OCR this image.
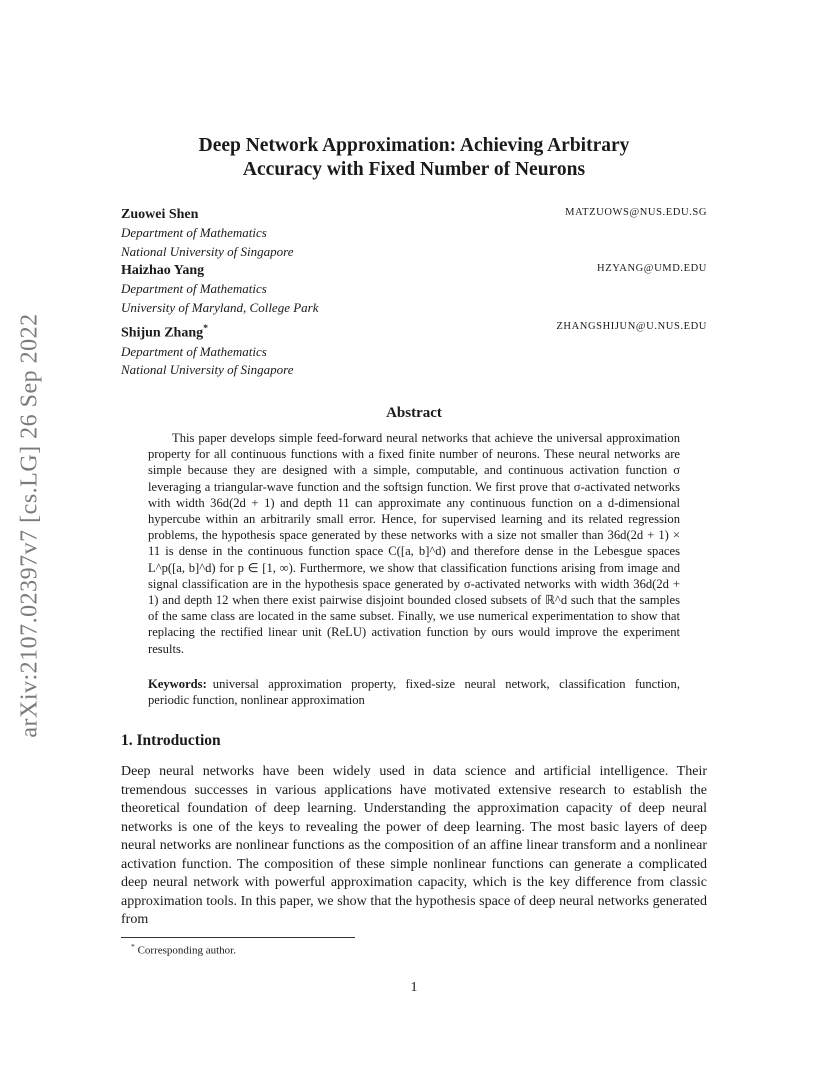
arXiv:2107.02397v7 [cs.LG] 26 Sep 2022
Deep Network Approximation: Achieving Arbitrary
Accuracy with Fixed Number of Neurons
Zuowei Shen	MATZUOWS@NUS.EDU.SG
Department of Mathematics
National University of Singapore
Haizhao Yang	HZYANG@UMD.EDU
Department of Mathematics
University of Maryland, College Park
Shijun Zhang*	ZHANGSHIJUN@U.NUS.EDU
Department of Mathematics
National University of Singapore
Abstract

This paper develops simple feed-forward neural networks that achieve the universal approximation property for all continuous functions with a fixed finite number of neurons. These neural networks are simple because they are designed with a simple, computable, and continuous activation function σ leveraging a triangular-wave function and the softsign function. We first prove that σ-activated networks with width 36d(2d + 1) and depth 11 can approximate any continuous function on a d-dimensional hypercube within an arbitrarily small error. Hence, for supervised learning and its related regression problems, the hypothesis space generated by these networks with a size not smaller than 36d(2d + 1) × 11 is dense in the continuous function space C([a, b]^d) and therefore dense in the Lebesgue spaces L^p([a, b]^d) for p ∈ [1, ∞). Furthermore, we show that classification functions arising from image and signal classification are in the hypothesis space generated by σ-activated networks with width 36d(2d + 1) and depth 12 when there exist pairwise disjoint bounded closed subsets of ℝ^d such that the samples of the same class are located in the same subset. Finally, we use numerical experimentation to show that replacing the rectified linear unit (ReLU) activation function by ours would improve the experiment results.

Keywords: universal approximation property, fixed-size neural network, classification function, periodic function, nonlinear approximation

1. Introduction

Deep neural networks have been widely used in data science and artificial intelligence. Their tremendous successes in various applications have motivated extensive research to establish the theoretical foundation of deep learning. Understanding the approximation capacity of deep neural networks is one of the keys to revealing the power of deep learning. The most basic layers of deep neural networks are nonlinear functions as the composition of an affine linear transform and a nonlinear activation function. The composition of these simple nonlinear functions can generate a complicated deep neural network with powerful approximation capacity, which is the key difference from classic approximation tools. In this paper, we show that the hypothesis space of deep neural networks generated from

* Corresponding author.
1
